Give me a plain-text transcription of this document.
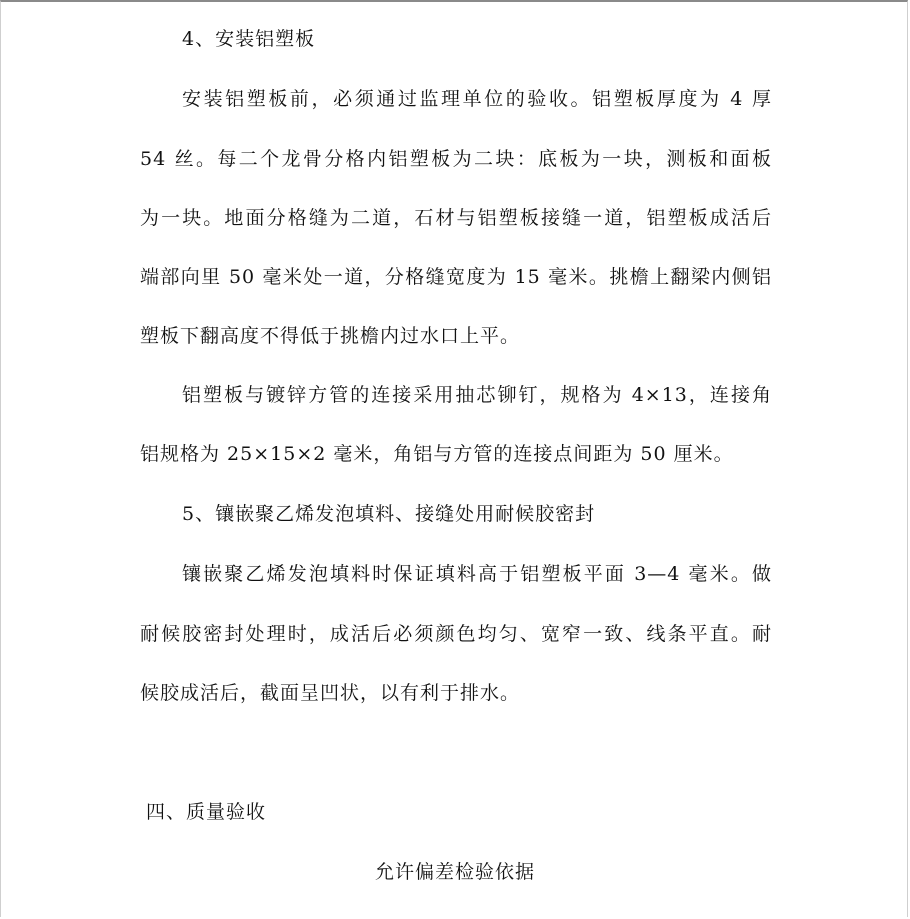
4、安装铝塑板
安装铝塑板前，必须通过监理单位的验收。铝塑板厚度为 4 厚
54 丝。每二个龙骨分格内铝塑板为二块：底板为一块，测板和面板
为一块。地面分格缝为二道，石材与铝塑板接缝一道，铝塑板成活后
端部向里 50 毫米处一道，分格缝宽度为 15 毫米。挑檐上翻梁内侧铝
塑板下翻高度不得低于挑檐内过水口上平。
铝塑板与镀锌方管的连接采用抽芯铆钉，规格为 4×13，连接角
铝规格为 25×15×2 毫米，角铝与方管的连接点间距为 50 厘米。
5、镶嵌聚乙烯发泡填料、接缝处用耐候胶密封
镶嵌聚乙烯发泡填料时保证填料高于铝塑板平面 3—4 毫米。做
耐候胶密封处理时，成活后必须颜色均匀、宽窄一致、线条平直。耐
候胶成活后，截面呈凹状，以有利于排水。
四、质量验收
允许偏差检验依据
